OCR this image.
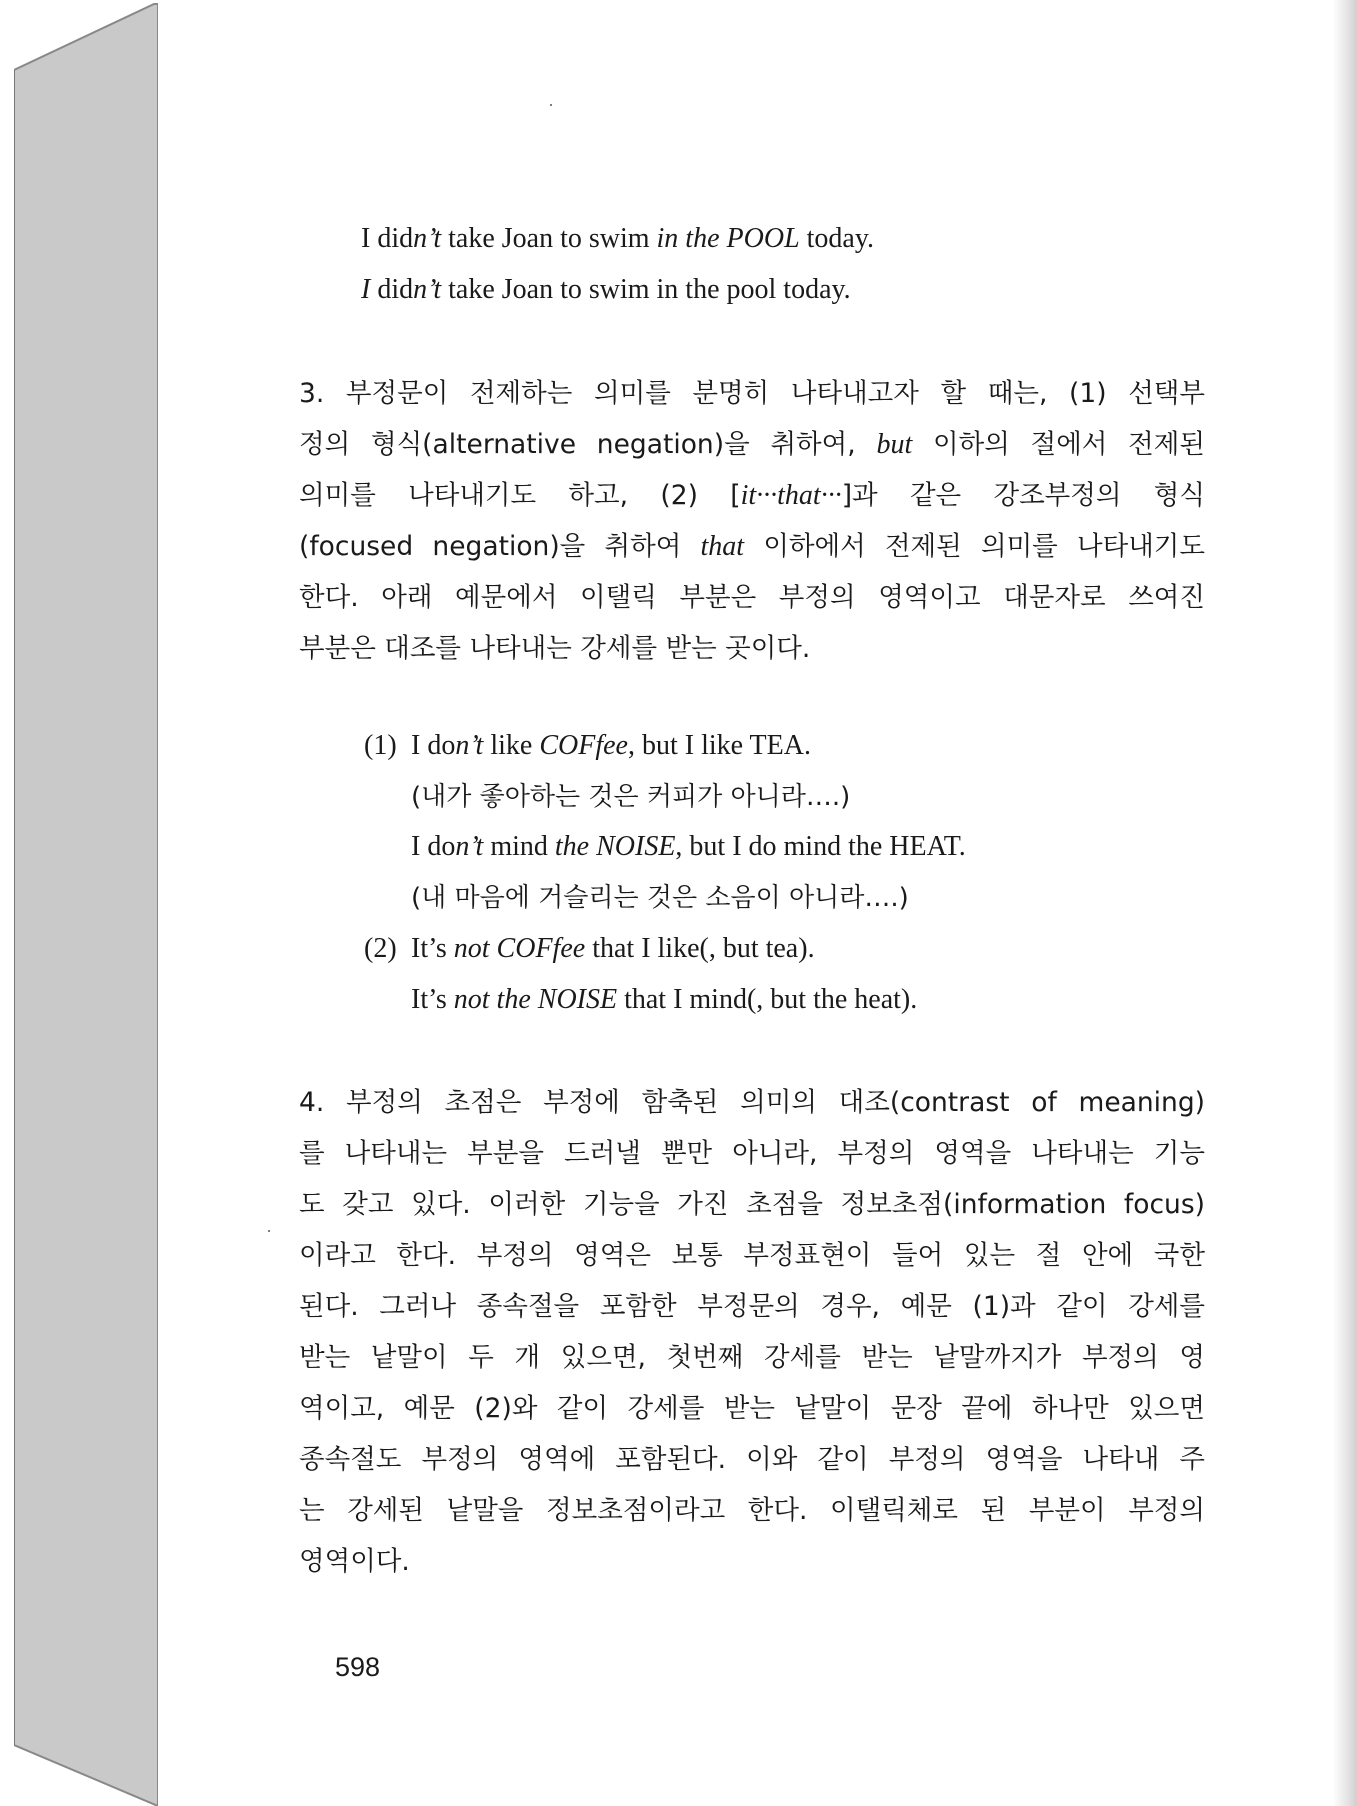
I didn’t take Joan to swim in the POOL today.
I didn’t take Joan to swim in the pool today.
3. 부정문이 전제하는 의미를 분명히 나타내고자 할 때는, (1) 선택부
정의 형식(alternative negation)을 취하여, but 이하의 절에서 전제된
의미를 나타내기도 하고, (2) [it···that···]과 같은 강조부정의 형식
(focused negation)을 취하여 that 이하에서 전제된 의미를 나타내기도
한다. 아래 예문에서 이탤릭 부분은 부정의 영역이고 대문자로 쓰여진
부분은 대조를 나타내는 강세를 받는 곳이다.
(1) I don’t like COFfee, but I like TEA.
(내가 좋아하는 것은 커피가 아니라….)
I don’t mind the NOISE, but I do mind the HEAT.
(내 마음에 거슬리는 것은 소음이 아니라….)
(2) It’s not COFfee that I like(, but tea).
It’s not the NOISE that I mind(, but the heat).
4. 부정의 초점은 부정에 함축된 의미의 대조(contrast of meaning)
를 나타내는 부분을 드러낼 뿐만 아니라, 부정의 영역을 나타내는 기능
도 갖고 있다. 이러한 기능을 가진 초점을 정보초점(information focus)
이라고 한다. 부정의 영역은 보통 부정표현이 들어 있는 절 안에 국한
된다. 그러나 종속절을 포함한 부정문의 경우, 예문 (1)과 같이 강세를
받는 낱말이 두 개 있으면, 첫번째 강세를 받는 낱말까지가 부정의 영
역이고, 예문 (2)와 같이 강세를 받는 낱말이 문장 끝에 하나만 있으면
종속절도 부정의 영역에 포함된다. 이와 같이 부정의 영역을 나타내 주
는 강세된 낱말을 정보초점이라고 한다. 이탤릭체로 된 부분이 부정의
영역이다.
598
